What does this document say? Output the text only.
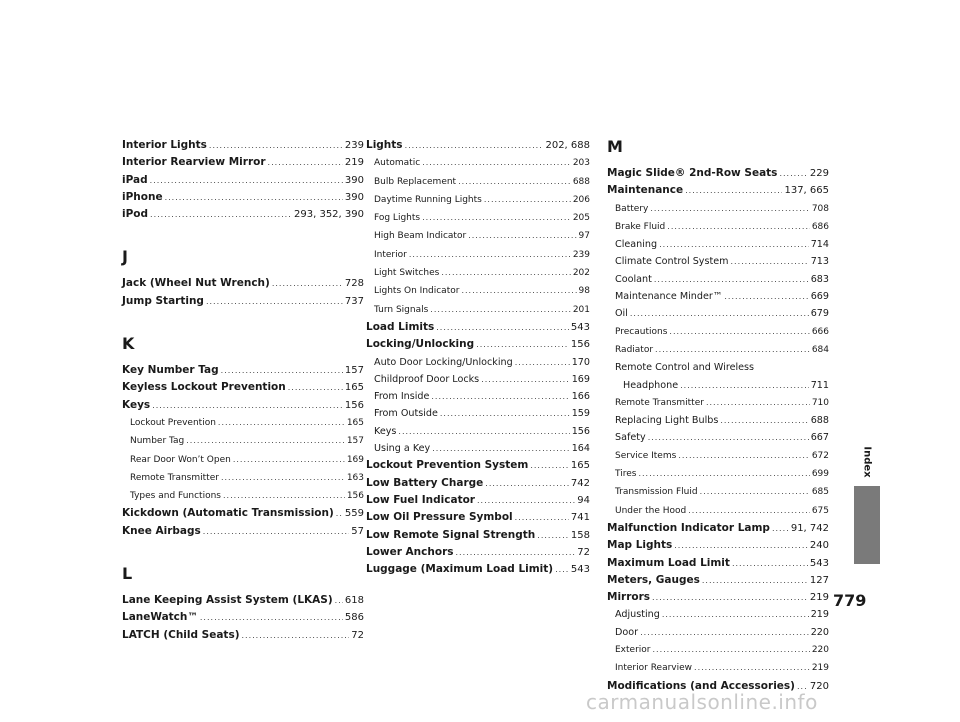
Interior Lights .....	239
Interior Rearview Mirror .....	219
iPad .....	390
iPhone .....	390
iPod .....	293, 352, 390
J
Jack (Wheel Nut Wrench) .....	728
Jump Starting .....	737
K
Key Number Tag .....	157
Keyless Lockout Prevention .....	165
Keys .....	156
Lockout Prevention .....	165
Number Tag .....	157
Rear Door Won’t Open .....	169
Remote Transmitter .....	163
Types and Functions .....	156
Kickdown (Automatic Transmission) ..... 559
Knee Airbags .....	57
L
Lane Keeping Assist System (LKAS) ..... 618
LaneWatch™ .....	586
LATCH (Child Seats) .....	72
Lights .....	202, 688
Automatic .....	203
Bulb Replacement .....	688
Daytime Running Lights .....	206
Fog Lights .....	205
High Beam Indicator .....	97
Interior .....	239
Light Switches .....	202
Lights On Indicator .....	98
Turn Signals .....	201
Load Limits .....	543
Locking/Unlocking .....	156
Auto Door Locking/Unlocking .....	170
Childproof Door Locks .....	169
From Inside .....	166
From Outside .....	159
Keys .....	156
Using a Key .....	164
Lockout Prevention System .....	165
Low Battery Charge .....	742
Low Fuel Indicator .....	94
Low Oil Pressure Symbol .....	741
Low Remote Signal Strength .....	158
Lower Anchors .....	72
Luggage (Maximum Load Limit) ..... 543
M
Magic Slide® 2nd-Row Seats .....	229
Maintenance .....	137, 665
Battery .....	708
Brake Fluid .....	686
Cleaning .....	714
Climate Control System .....	713
Coolant .....	683
Maintenance Minder™ .....	669
Oil .....	679
Precautions .....	666
Radiator .....	684
Remote Control and Wireless
Headphone .....	711
Remote Transmitter .....	710
Replacing Light Bulbs .....	688
Safety .....	667
Service Items .....	672
Tires .....	699
Transmission Fluid .....	685
Under the Hood .....	675
Malfunction Indicator Lamp ..... 91, 742
Map Lights .....	240
Maximum Load Limit .....	543
Meters, Gauges .....	127
Mirrors .....	219
Adjusting .....	219
Door .....	220
Exterior .....	220
Interior Rearview .....	219
Modifications (and Accessories) ..... 720
Index
779
carmanualsonline.info
